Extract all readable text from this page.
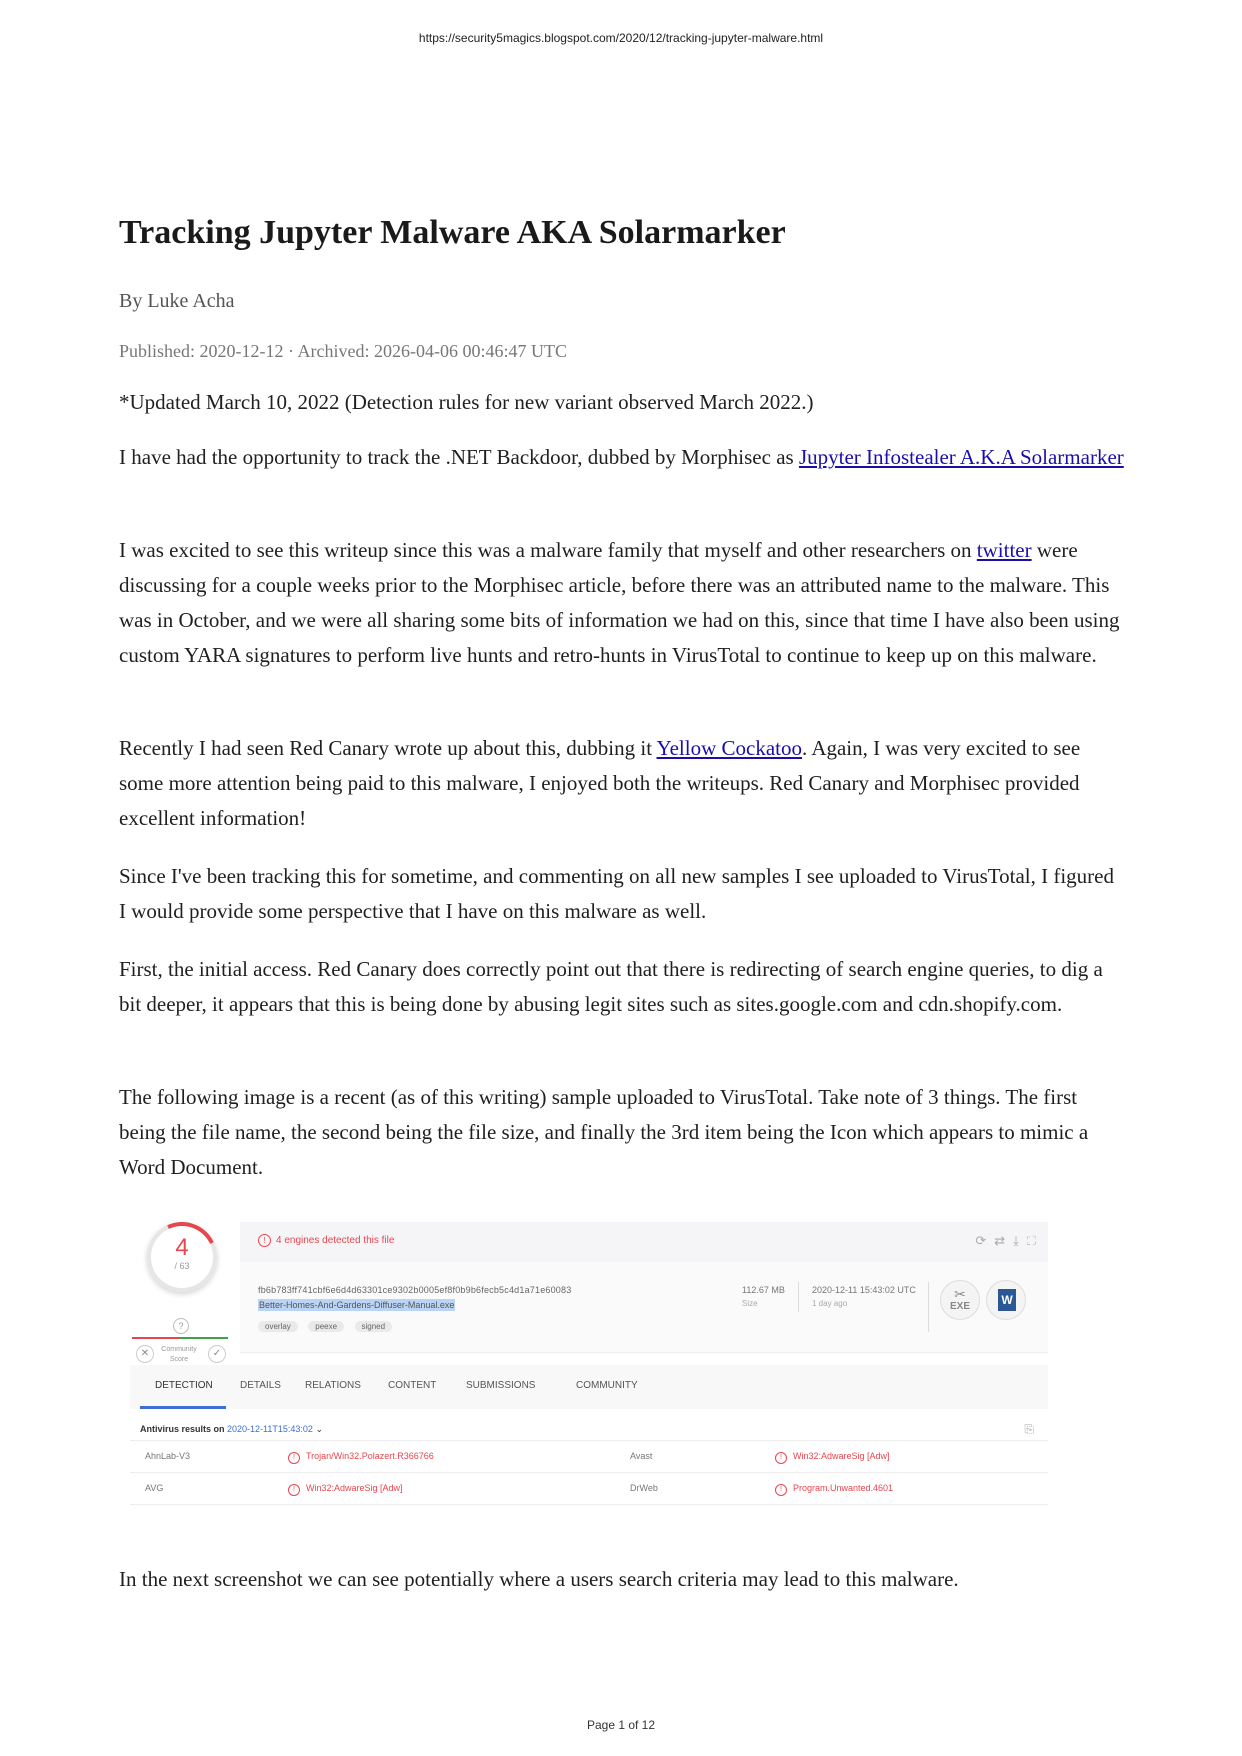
https://security5magics.blogspot.com/2020/12/tracking-jupyter-malware.html
Tracking Jupyter Malware AKA Solarmarker
By Luke Acha
Published: 2020-12-12 · Archived: 2026-04-06 00:46:47 UTC

*Updated March 10, 2022 (Detection rules for new variant observed March 2022.)

I have had the opportunity to track the .NET Backdoor, dubbed by Morphisec as Jupyter Infostealer A.K.A Solarmarker

I was excited to see this writeup since this was a malware family that myself and other researchers on twitter were discussing for a couple weeks prior to the Morphisec article, before there was an attributed name to the malware. This was in October, and we were all sharing some bits of information we had on this, since that time I have also been using custom YARA signatures to perform live hunts and retro-hunts in VirusTotal to continue to keep up on this malware.

Recently I had seen Red Canary wrote up about this, dubbing it Yellow Cockatoo. Again, I was very excited to see some more attention being paid to this malware, I enjoyed both the writeups. Red Canary and Morphisec provided excellent information!

Since I've been tracking this for sometime, and commenting on all new samples I see uploaded to VirusTotal, I figured I would provide some perspective that I have on this malware as well.

First, the initial access. Red Canary does correctly point out that there is redirecting of search engine queries, to dig a bit deeper, it appears that this is being done by abusing legit sites such as sites.google.com and cdn.shopify.com.

The following image is a recent (as of this writing) sample uploaded to VirusTotal. Take note of 3 things. The first being the file name, the second being the file size, and finally the 3rd item being the Icon which appears to mimic a Word Document.

In the next screenshot we can see potentially where a users search criteria may lead to this malware.

4
/ 63
?
✕	Community Score
✓
! 4 engines detected this file	⟳⇄⤓⛶
fb6b783ff741cbf6e6d4d63301ce9302b0005ef8f0b9b6fecb5c4d1a71e60083
Better-Homes-And-Gardens-Diffuser-Manual.exe
overlay	peexe	signed
112.67 MB
Size
2020-12-11 15:43:02 UTC
1 day ago
✂
EXE	W
DETECTION	DETAILS RELATIONS	CONTENT	SUBMISSIONS	COMMUNITY
Antivirus results on 2020-12-11T15:43:02 ⌄	⎘
AhnLab-V3	! Trojan/Win32.Polazert.R366766	Avast	! Win32:AdwareSig [Adw]
AVG	! Win32:AdwareSig [Adw]	DrWeb	! Program.Unwanted.4601
Page 1 of 12
